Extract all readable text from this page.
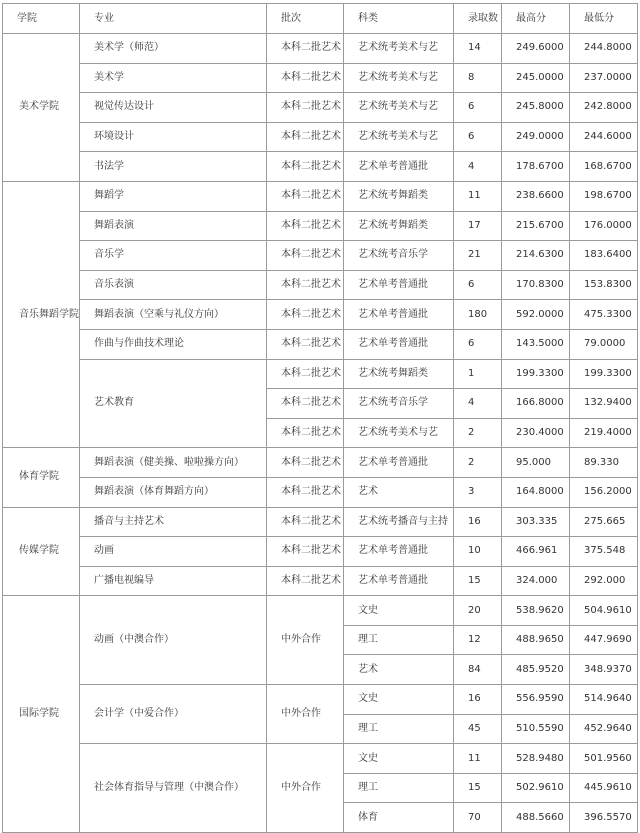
学院	专业	批次	科类	录取数	最高分	最低分
美术学院	美术学（师范）	本科二批艺术	艺术统考美术与艺	14	249.6000	244.8000
	美术学	本科二批艺术	艺术统考美术与艺	8	245.0000	237.0000
	视觉传达设计	本科二批艺术	艺术统考美术与艺	6	245.8000	242.8000
	环境设计	本科二批艺术	艺术统考美术与艺	6	249.0000	244.6000
	书法学	本科二批艺术	艺术单考普通批	4	178.6700	168.6700
音乐舞蹈学院	舞蹈学	本科二批艺术	艺术统考舞蹈类	11	238.6600	198.6700
	舞蹈表演	本科二批艺术	艺术统考舞蹈类	17	215.6700	176.0000
	音乐学	本科二批艺术	艺术统考音乐学	21	214.6300	183.6400
	音乐表演	本科二批艺术	艺术单考普通批	6	170.8300	153.8300
	舞蹈表演（空乘与礼仪方向）	本科二批艺术	艺术单考普通批	180	592.0000	475.3300
	作曲与作曲技术理论	本科二批艺术	艺术单考普通批	6	143.5000	79.0000
	艺术教育	本科二批艺术	艺术统考舞蹈类	1	199.3300	199.3300
		本科二批艺术	艺术统考音乐学	4	166.8000	132.9400
		本科二批艺术	艺术统考美术与艺	2	230.4000	219.4000
体育学院	舞蹈表演（健美操、啦啦操方向）	本科二批艺术	艺术单考普通批	2	95.000	89.330
	舞蹈表演（体育舞蹈方向）	本科二批艺术	艺术	3	164.8000	156.2000
传媒学院	播音与主持艺术	本科二批艺术	艺术统考播音与主持	16	303.335	275.665
	动画	本科二批艺术	艺术单考普通批	10	466.961	375.548
	广播电视编导	本科二批艺术	艺术单考普通批	15	324.000	292.000
国际学院	动画（中澳合作）	中外合作	文史	20	538.9620	504.9610
			理工	12	488.9650	447.9690
			艺术	84	485.9520	348.9370
	会计学（中爱合作）	中外合作	文史	16	556.9590	514.9640
			理工	45	510.5590	452.9640
	社会体育指导与管理（中澳合作）	中外合作	文史	11	528.9480	501.9560
			理工	15	502.9610	445.9610
			体育	70	488.5660	396.5570
